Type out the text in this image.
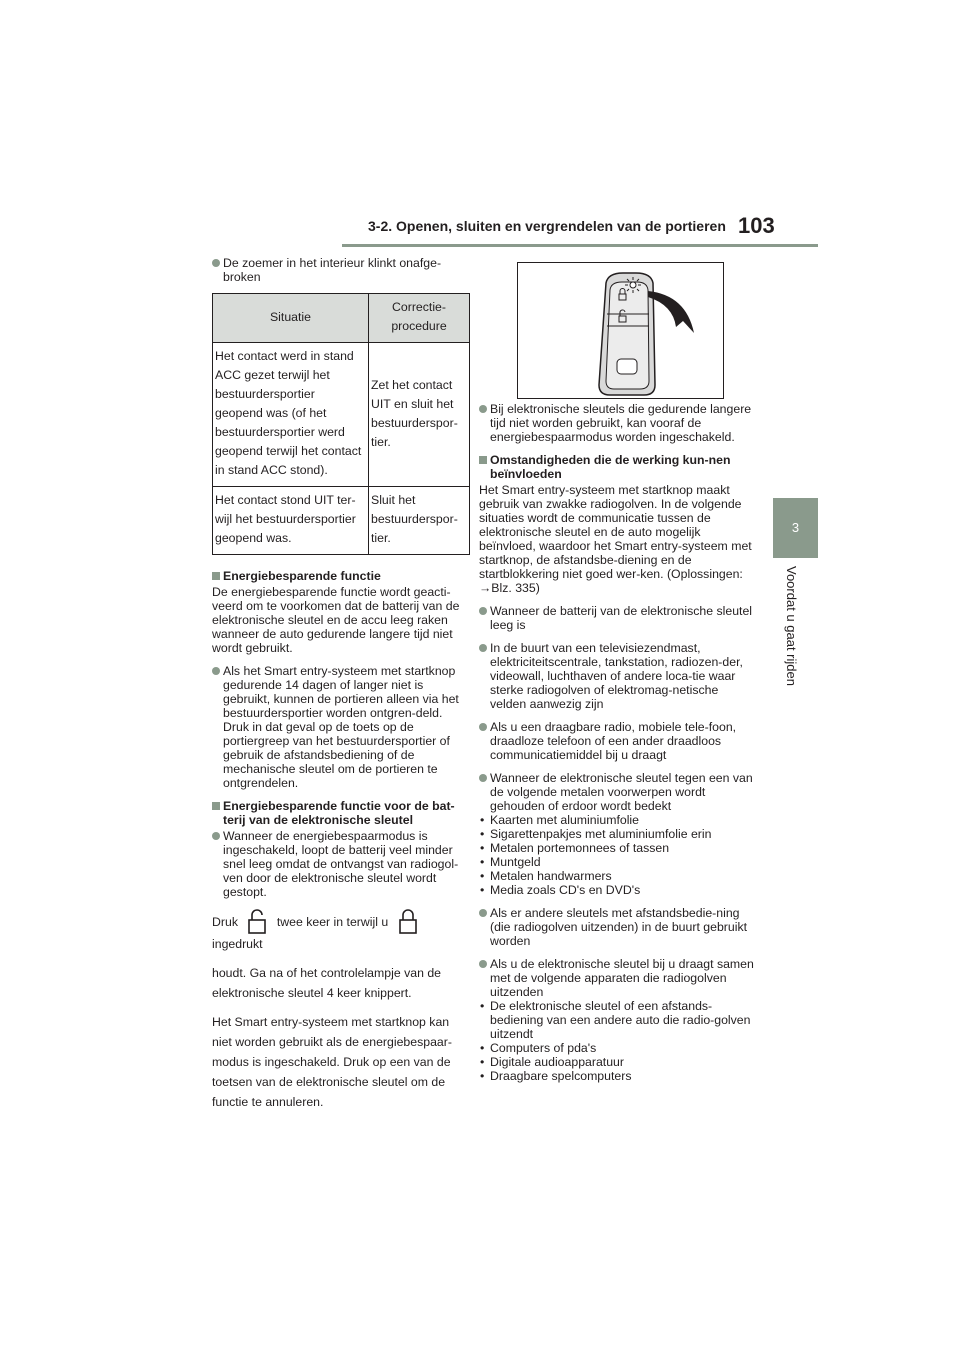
3-2. Openen, sluiten en vergrendelen van de portieren 103
3
Voordat u gaat rijden
De zoemer in het interieur klinkt onafge-broken
Situatie	Correctie-procedure
Het contact werd in stand ACC gezet terwijl het bestuurdersportier geopend was (of het bestuurdersportier werd geopend terwijl het contact in stand ACC stond).	Zet het contact UIT en sluit het bestuurderspor-tier.
Het contact stond UIT ter-wijl het bestuurdersportier geopend was.	Sluit het bestuurderspor-tier.
Energiebesparende functie

De energiebesparende functie wordt geacti-veerd om te voorkomen dat de batterij van de elektronische sleutel en de accu leeg raken wanneer de auto gedurende langere tijd niet wordt gebruikt.

Als het Smart entry-systeem met startknop gedurende 14 dagen of langer niet is gebruikt, kunnen de portieren alleen via het bestuurdersportier worden ontgren-deld. Druk in dat geval op de toets op de portiergreep van het bestuurdersportier of gebruik de afstandsbediening of de mechanische sleutel om de portieren te ontgrendelen.
Energiebesparende functie voor de bat-terij van de elektronische sleutel
Wanneer de energiebespaarmodus is ingeschakeld, loopt de batterij veel minder snel leeg omdat de ontvangst van radiogol-ven door de elektronische sleutel wordt gestopt.

Druk	twee keer in terwijl u  ingedrukt

houdt. Ga na of het controlelampje van de elektronische sleutel 4 keer knippert.

Het Smart entry-systeem met startknop kan niet worden gebruikt als de energiebespaar-modus is ingeschakeld. Druk op een van de toetsen van de elektronische sleutel om de functie te annuleren.

Bij elektronische sleutels die gedurende langere tijd niet worden gebruikt, kan vooraf de energiebespaarmodus worden ingeschakeld.
Omstandigheden die de werking kun-nen beïnvloeden

Het Smart entry-systeem met startknop maakt gebruik van zwakke radiogolven. In de volgende situaties wordt de communicatie tussen de elektronische sleutel en de auto mogelijk beïnvloed, waardoor het Smart entry-systeem met startknop, de afstandsbe-diening en de startblokkering niet goed wer-ken. (Oplossingen: →Blz. 335)

Wanneer de batterij van de elektronische sleutel leeg is
In de buurt van een televisiezendmast, elektriciteitscentrale, tankstation, radiozen-der, videowall, luchthaven of andere loca-tie waar sterke radiogolven of elektromag-netische velden aanwezig zijn
Als u een draagbare radio, mobiele tele-foon, draadloze telefoon of een ander draadloos communicatiemiddel bij u draagt
Wanneer de elektronische sleutel tegen een van de volgende metalen voorwerpen wordt gehouden of erdoor wordt bedekt
• Kaarten met aluminiumfolie
• Sigarettenpakjes met aluminiumfolie erin
• Metalen portemonnees of tassen
• Muntgeld
• Metalen handwarmers
• Media zoals CD's en DVD's
Als er andere sleutels met afstandsbedie-ning (die radiogolven uitzenden) in de buurt gebruikt worden
Als u de elektronische sleutel bij u draagt samen met de volgende apparaten die radiogolven uitzenden
• De elektronische sleutel of een afstands-bediening van een andere auto die radio-golven uitzendt
• Computers of pda's
• Digitale audioapparatuur
• Draagbare spelcomputers
